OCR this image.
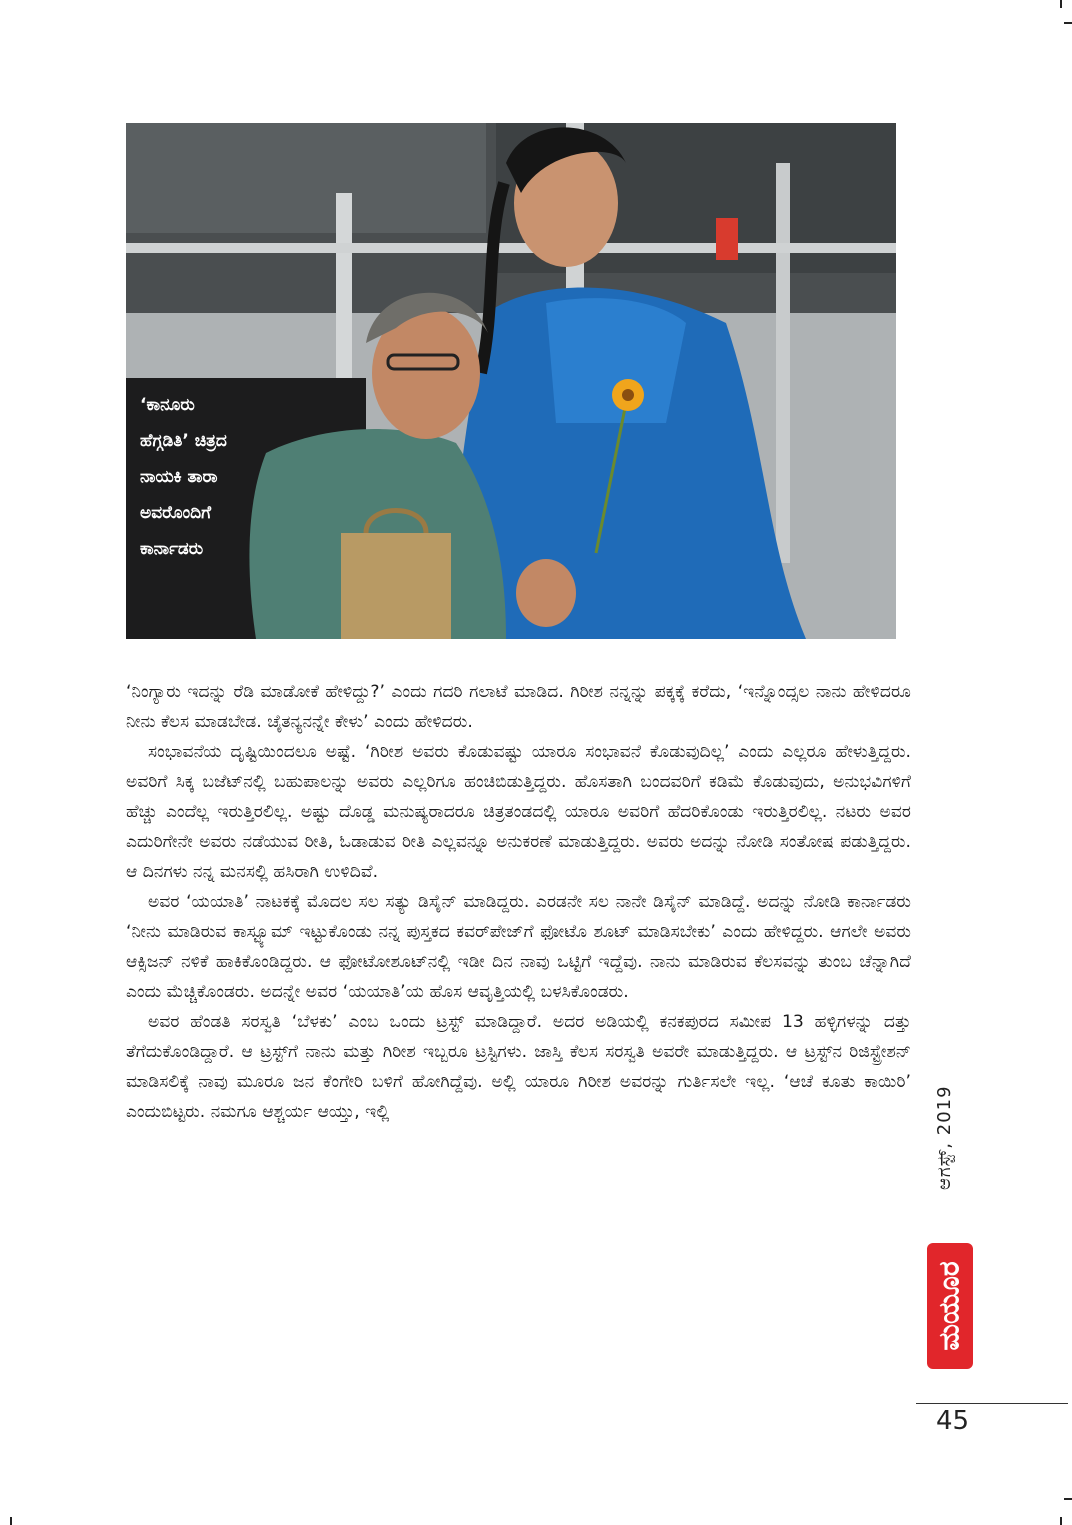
‘ಕಾನೂರು
ಹೆಗ್ಗಡಿತಿ’ ಚಿತ್ರದ
ನಾಯಕಿ ತಾರಾ
ಅವರೊಂದಿಗೆ
ಕಾರ್ನಾಡರು

‘ನಿಂಗ್ಯಾರು ಇದನ್ನು ರೆಡಿ ಮಾಡೋಕೆ ಹೇಳಿದ್ದು?’ ಎಂದು ಗದರಿ ಗಲಾಟೆ ಮಾಡಿದ. ಗಿರೀಶ ನನ್ನನ್ನು ಪಕ್ಕಕ್ಕೆ ಕರೆದು, ‘ಇನ್ನೊಂದ್ಸಲ ನಾನು ಹೇಳಿದರೂ ನೀನು ಕೆಲಸ ಮಾಡಬೇಡ. ಚೈತನ್ಯನನ್ನೇ ಕೇಳು’ ಎಂದು ಹೇಳಿದರು.

ಸಂಭಾವನೆಯ ದೃಷ್ಟಿಯಿಂದಲೂ ಅಷ್ಟೆ. ‘ಗಿರೀಶ ಅವರು ಕೊಡುವಷ್ಟು ಯಾರೂ ಸಂಭಾವನೆ ಕೊಡುವುದಿಲ್ಲ’ ಎಂದು ಎಲ್ಲರೂ ಹೇಳುತ್ತಿದ್ದರು. ಅವರಿಗೆ ಸಿಕ್ಕ ಬಜೆಟ್‌ನಲ್ಲಿ ಬಹುಪಾಲನ್ನು ಅವರು ಎಲ್ಲರಿಗೂ ಹಂಚಿಬಿಡುತ್ತಿದ್ದರು. ಹೊಸತಾಗಿ ಬಂದವರಿಗೆ ಕಡಿಮೆ ಕೊಡುವುದು, ಅನುಭವಿಗಳಿಗೆ ಹೆಚ್ಚು ಎಂದೆಲ್ಲ ಇರುತ್ತಿರಲಿಲ್ಲ. ಅಷ್ಟು ದೊಡ್ಡ ಮನುಷ್ಯರಾದರೂ ಚಿತ್ರತಂಡದಲ್ಲಿ ಯಾರೂ ಅವರಿಗೆ ಹೆದರಿಕೊಂಡು ಇರುತ್ತಿರಲಿಲ್ಲ. ನಟರು ಅವರ ಎದುರಿಗೇನೇ ಅವರು ನಡೆಯುವ ರೀತಿ, ಓಡಾಡುವ ರೀತಿ ಎಲ್ಲವನ್ನೂ ಅನುಕರಣೆ ಮಾಡುತ್ತಿದ್ದರು. ಅವರು ಅದನ್ನು ನೋಡಿ ಸಂತೋಷ ಪಡುತ್ತಿದ್ದರು. ಆ ದಿನಗಳು ನನ್ನ ಮನಸಲ್ಲಿ ಹಸಿರಾಗಿ ಉಳಿದಿವೆ.

ಅವರ ‘ಯಯಾತಿ’ ನಾಟಕಕ್ಕೆ ಮೊದಲ ಸಲ ಸತ್ಯು ಡಿಸೈನ್ ಮಾಡಿದ್ದರು. ಎರಡನೇ ಸಲ ನಾನೇ ಡಿಸೈನ್ ಮಾಡಿದ್ದೆ. ಅದನ್ನು ನೋಡಿ ಕಾರ್ನಾಡರು ‘ನೀನು ಮಾಡಿರುವ ಕಾಸ್ಟ್ಯೂಮ್ ಇಟ್ಟುಕೊಂಡು ನನ್ನ ಪುಸ್ತಕದ ಕವರ್‌ಪೇಜ್‌ಗೆ ಫೋಟೊ ಶೂಟ್ ಮಾಡಿಸಬೇಕು’ ಎಂದು ಹೇಳಿದ್ದರು. ಆಗಲೇ ಅವರು ಆಕ್ಸಿಜನ್ ನಳಿಕೆ ಹಾಕಿಕೊಂಡಿದ್ದರು. ಆ ಫೋಟೋಶೂಟ್‌ನಲ್ಲಿ ಇಡೀ ದಿನ ನಾವು ಒಟ್ಟಿಗೆ ಇದ್ದೆವು. ನಾನು ಮಾಡಿರುವ ಕೆಲಸವನ್ನು ತುಂಬ ಚೆನ್ನಾಗಿದೆ ಎಂದು ಮೆಚ್ಚಿಕೊಂಡರು. ಅದನ್ನೇ ಅವರ ‘ಯಯಾತಿ’ಯ ಹೊಸ ಆವೃತ್ತಿಯಲ್ಲಿ ಬಳಸಿಕೊಂಡರು.

ಅವರ ಹೆಂಡತಿ ಸರಸ್ವತಿ ‘ಬೆಳಕು’ ಎಂಬ ಒಂದು ಟ್ರಸ್ಟ್ ಮಾಡಿದ್ದಾರೆ. ಅದರ ಅಡಿಯಲ್ಲಿ ಕನಕಪುರದ ಸಮೀಪ 13 ಹಳ್ಳಿಗಳನ್ನು ದತ್ತು ತೆಗೆದುಕೊಂಡಿದ್ದಾರೆ. ಆ ಟ್ರಸ್ಟ್‌ಗೆ ನಾನು ಮತ್ತು ಗಿರೀಶ ಇಬ್ಬರೂ ಟ್ರಸ್ಟಿಗಳು. ಜಾಸ್ತಿ ಕೆಲಸ ಸರಸ್ವತಿ ಅವರೇ ಮಾಡುತ್ತಿದ್ದರು. ಆ ಟ್ರಸ್ಟ್‌ನ ರಿಜಿಸ್ಟ್ರೇಶನ್ ಮಾಡಿಸಲಿಕ್ಕೆ ನಾವು ಮೂರೂ ಜನ ಕೆಂಗೇರಿ ಬಳಿಗೆ ಹೋಗಿದ್ದೆವು. ಅಲ್ಲಿ ಯಾರೂ ಗಿರೀಶ ಅವರನ್ನು ಗುರ್ತಿಸಲೇ ಇಲ್ಲ. ‘ಆಚೆ ಕೂತು ಕಾಯಿರಿ’ ಎಂದುಬಿಟ್ಟರು. ನಮಗೂ ಆಶ್ಚರ್ಯ ಆಯ್ತು, ಇಲ್ಲಿ	ಆಗಸ್ಟ್, 2019
ಮಯೂರ
45
